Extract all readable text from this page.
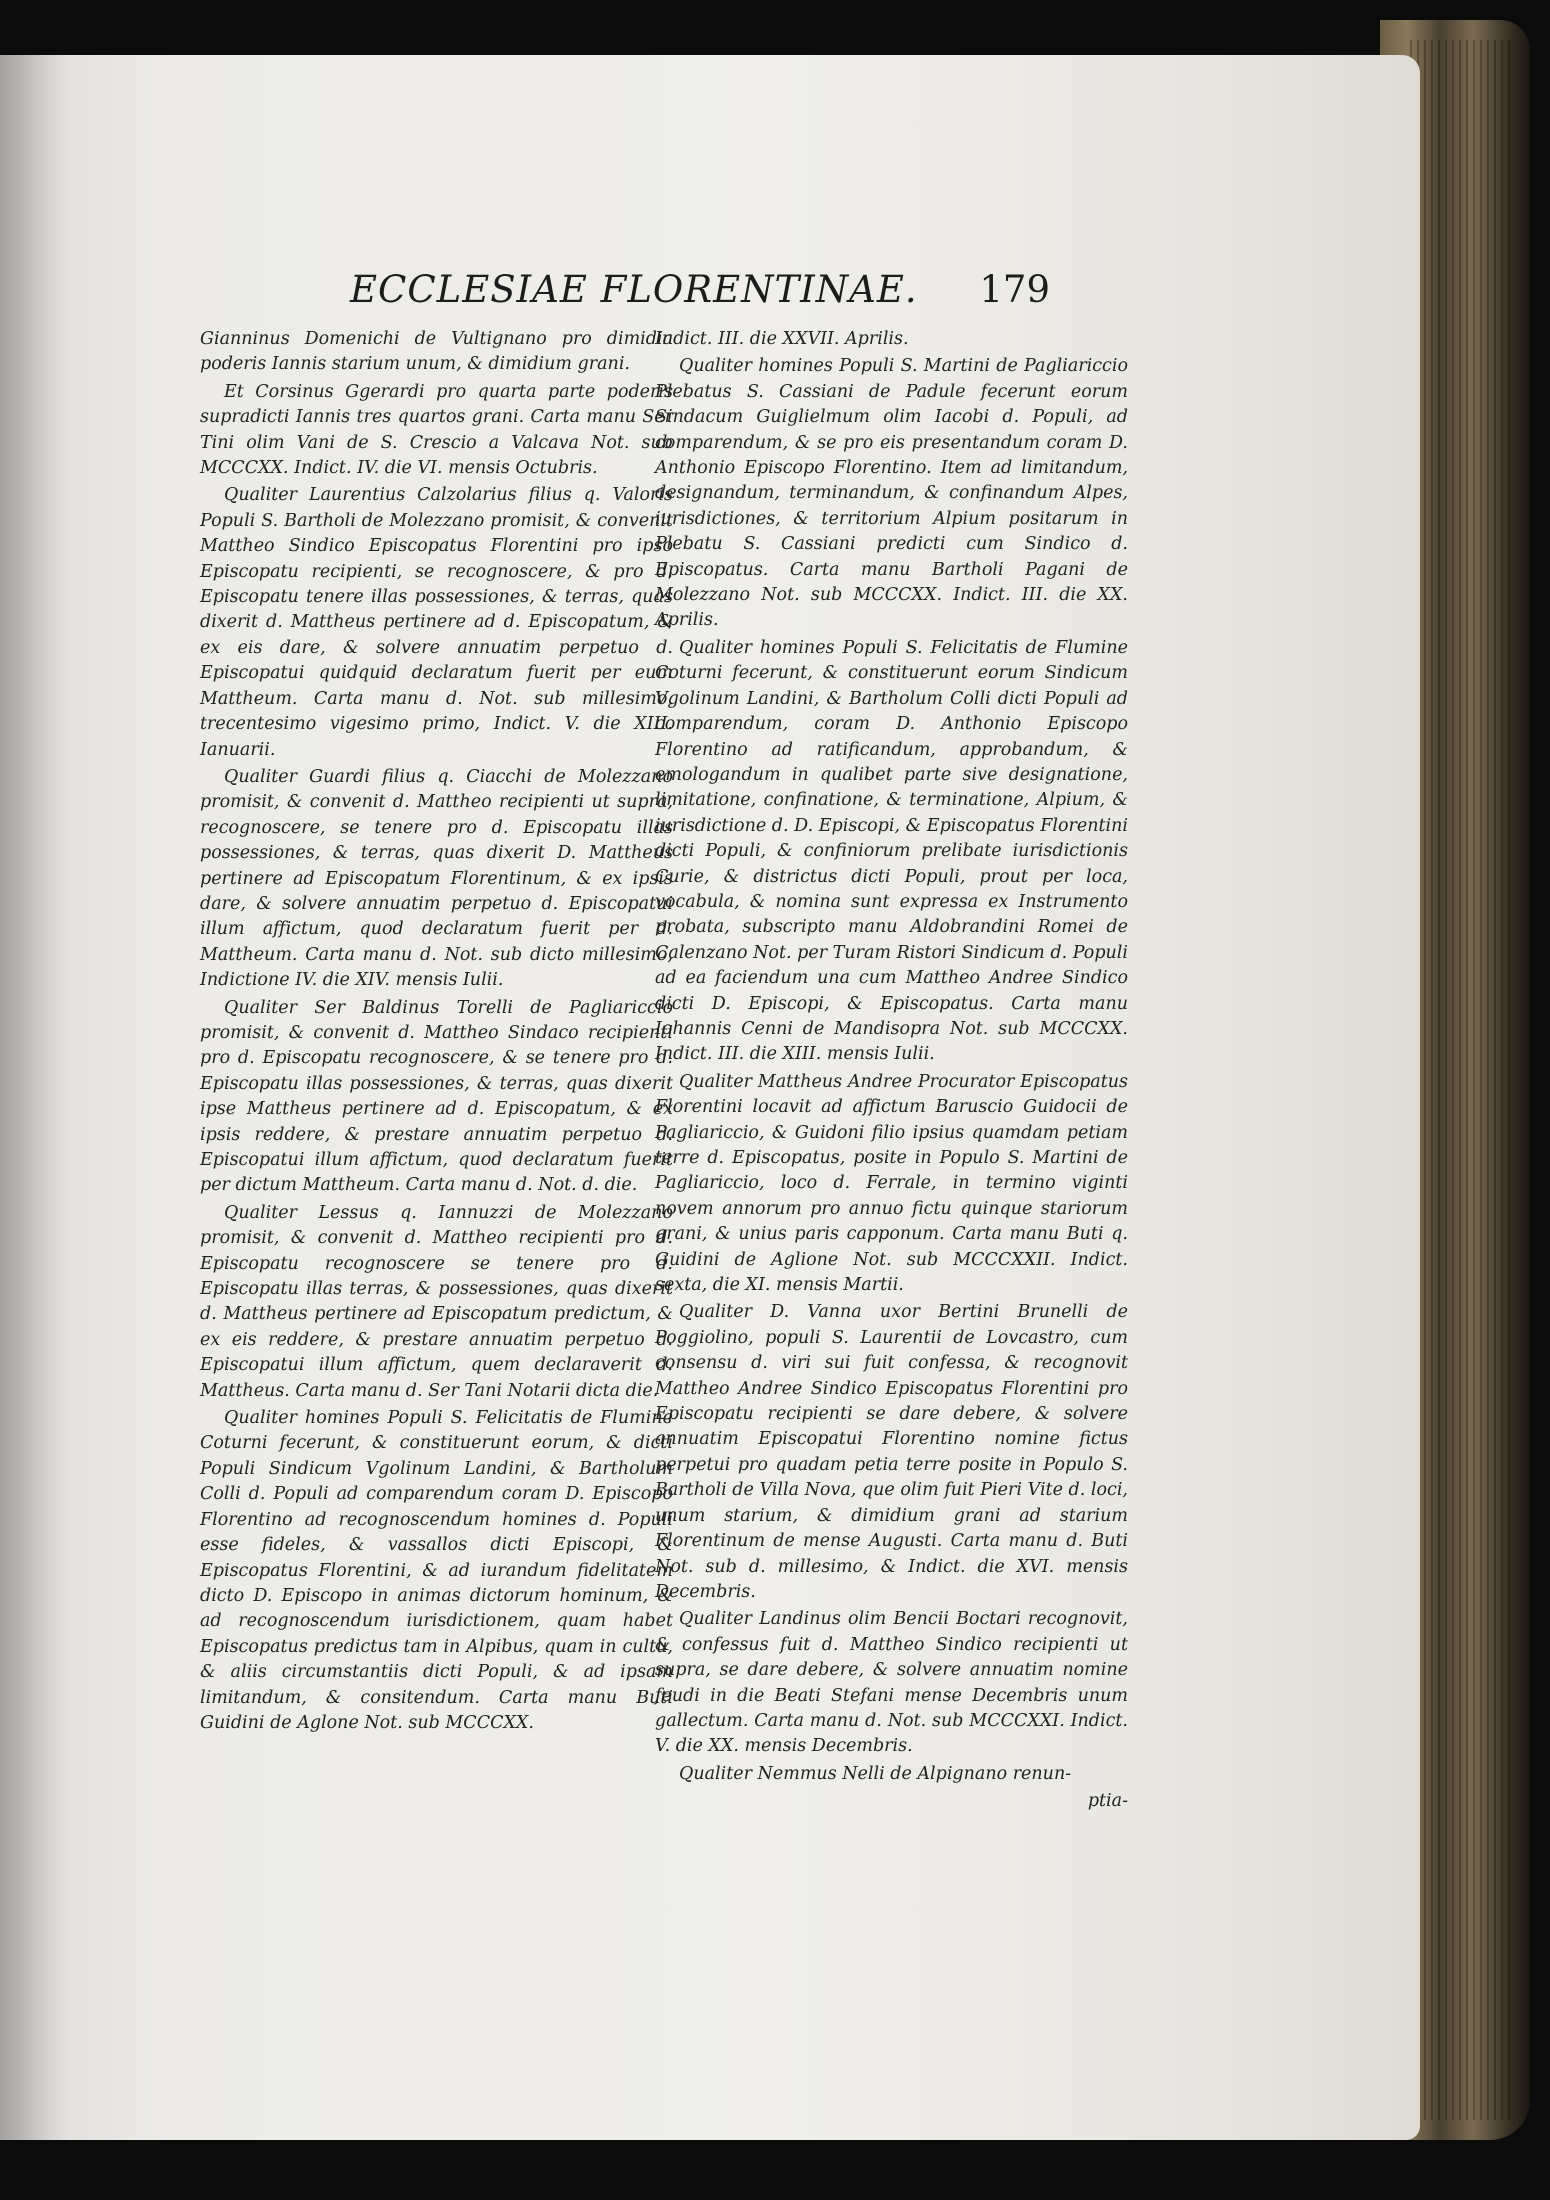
ECCLESIAE FLORENTINAE. 179

Gianninus Domenichi de Vultignano pro dimidia poderis Iannis starium unum, & dimidium grani.

Et Corsinus Ggerardi pro quarta parte poderis supradicti Iannis tres quartos grani. Carta manu Ser Tini olim Vani de S. Crescio a Valcava Not. sub MCCCXX. Indict. IV. die VI. mensis Octubris.

Qualiter Laurentius Calzolarius filius q. Valoris Populi S. Bartholi de Molezzano promisit, & convenit Mattheo Sindico Episcopatus Florentini pro ipso Episcopatu recipienti, se recognoscere, & pro d. Episcopatu tenere illas possessiones, & terras, quas dixerit d. Mattheus pertinere ad d. Episcopatum, & ex eis dare, & solvere annuatim perpetuo d. Episcopatui quidquid declaratum fuerit per eum Mattheum. Carta manu d. Not. sub millesimo, trecentesimo vigesimo primo, Indict. V. die XIII. Ianuarii.

Qualiter Guardi filius q. Ciacchi de Molezzano promisit, & convenit d. Mattheo recipienti ut supra, recognoscere, se tenere pro d. Episcopatu illas possessiones, & terras, quas dixerit D. Mattheus pertinere ad Episcopatum Florentinum, & ex ipsis dare, & solvere annuatim perpetuo d. Episcopatui illum affictum, quod declaratum fuerit per d. Mattheum. Carta manu d. Not. sub dicto millesimo, Indictione IV. die XIV. mensis Iulii.

Qualiter Ser Baldinus Torelli de Pagliariccio promisit, & convenit d. Mattheo Sindaco recipienti pro d. Episcopatu recognoscere, & se tenere pro d. Episcopatu illas possessiones, & terras, quas dixerit ipse Mattheus pertinere ad d. Episcopatum, & ex ipsis reddere, & prestare annuatim perpetuo d. Episcopatui illum affictum, quod declaratum fuerit per dictum Mattheum. Carta manu d. Not. d. die.

Qualiter Lessus q. Iannuzzi de Molezzano promisit, & convenit d. Mattheo recipienti pro d. Episcopatu recognoscere se tenere pro d. Episcopatu illas terras, & possessiones, quas dixerit d. Mattheus pertinere ad Episcopatum predictum, & ex eis reddere, & prestare annuatim perpetuo d. Episcopatui illum affictum, quem declaraverit d. Mattheus. Carta manu d. Ser Tani Notarii dicta die.

Qualiter homines Populi S. Felicitatis de Flumine Coturni fecerunt, & constituerunt eorum, & dicti Populi Sindicum Vgolinum Landini, & Bartholum Colli d. Populi ad comparendum coram D. Episcopo Florentino ad recognoscendum homines d. Populi esse fideles, & vassallos dicti Episcopi, & Episcopatus Florentini, & ad iurandum fidelitatem dicto D. Episcopo in animas dictorum hominum, & ad recognoscendum iurisdictionem, quam habet Episcopatus predictus tam in Alpibus, quam in cultu, & aliis circumstantiis dicti Populi, & ad ipsam limitandum, & consitendum. Carta manu Buti Guidini de Aglone Not. sub MCCCXX.

Indict. III. die XXVII. Aprilis.

Qualiter homines Populi S. Martini de Pagliariccio Plebatus S. Cassiani de Padule fecerunt eorum Sindacum Guiglielmum olim Iacobi d. Populi, ad comparendum, & se pro eis presentandum coram D. Anthonio Episcopo Florentino. Item ad limitandum, designandum, terminandum, & confinandum Alpes, iurisdictiones, & territorium Alpium positarum in Plebatu S. Cassiani predicti cum Sindico d. Episcopatus. Carta manu Bartholi Pagani de Molezzano Not. sub MCCCXX. Indict. III. die XX. Aprilis.

Qualiter homines Populi S. Felicitatis de Flumine Coturni fecerunt, & constituerunt eorum Sindicum Vgolinum Landini, & Bartholum Colli dicti Populi ad comparendum, coram D. Anthonio Episcopo Florentino ad ratificandum, approbandum, & emologandum in qualibet parte sive designatione, limitatione, confinatione, & terminatione, Alpium, & iurisdictione d. D. Episcopi, & Episcopatus Florentini dicti Populi, & confiniorum prelibate iurisdictionis Curie, & districtus dicti Populi, prout per loca, vocabula, & nomina sunt expressa ex Instrumento probata, subscripto manu Aldobrandini Romei de Calenzano Not. per Turam Ristori Sindicum d. Populi ad ea faciendum una cum Mattheo Andree Sindico dicti D. Episcopi, & Episcopatus. Carta manu Iohannis Cenni de Mandisopra Not. sub MCCCXX. Indict. III. die XIII. mensis Iulii.

Qualiter Mattheus Andree Procurator Episcopatus Florentini locavit ad affictum Baruscio Guidocii de Pagliariccio, & Guidoni filio ipsius quamdam petiam terre d. Episcopatus, posite in Populo S. Martini de Pagliariccio, loco d. Ferrale, in termino viginti novem annorum pro annuo fictu quinque stariorum grani, & unius paris capponum. Carta manu Buti q. Guidini de Aglione Not. sub MCCCXXII. Indict. sexta, die XI. mensis Martii.

Qualiter D. Vanna uxor Bertini Brunelli de Poggiolino, populi S. Laurentii de Lovcastro, cum consensu d. viri sui fuit confessa, & recognovit Mattheo Andree Sindico Episcopatus Florentini pro Episcopatu recipienti se dare debere, & solvere annuatim Episcopatui Florentino nomine fictus perpetui pro quadam petia terre posite in Populo S. Bartholi de Villa Nova, que olim fuit Pieri Vite d. loci, unum starium, & dimidium grani ad starium Florentinum de mense Augusti. Carta manu d. Buti Not. sub d. millesimo, & Indict. die XVI. mensis Decembris.

Qualiter Landinus olim Bencii Boctari recognovit, & confessus fuit d. Mattheo Sindico recipienti ut supra, se dare debere, & solvere annuatim nomine feudi in die Beati Stefani mense Decembris unum gallectum. Carta manu d. Not. sub MCCCXXI. Indict. V. die XX. mensis Decembris.

Qualiter Nemmus Nelli de Alpignano renun-

ptia-
